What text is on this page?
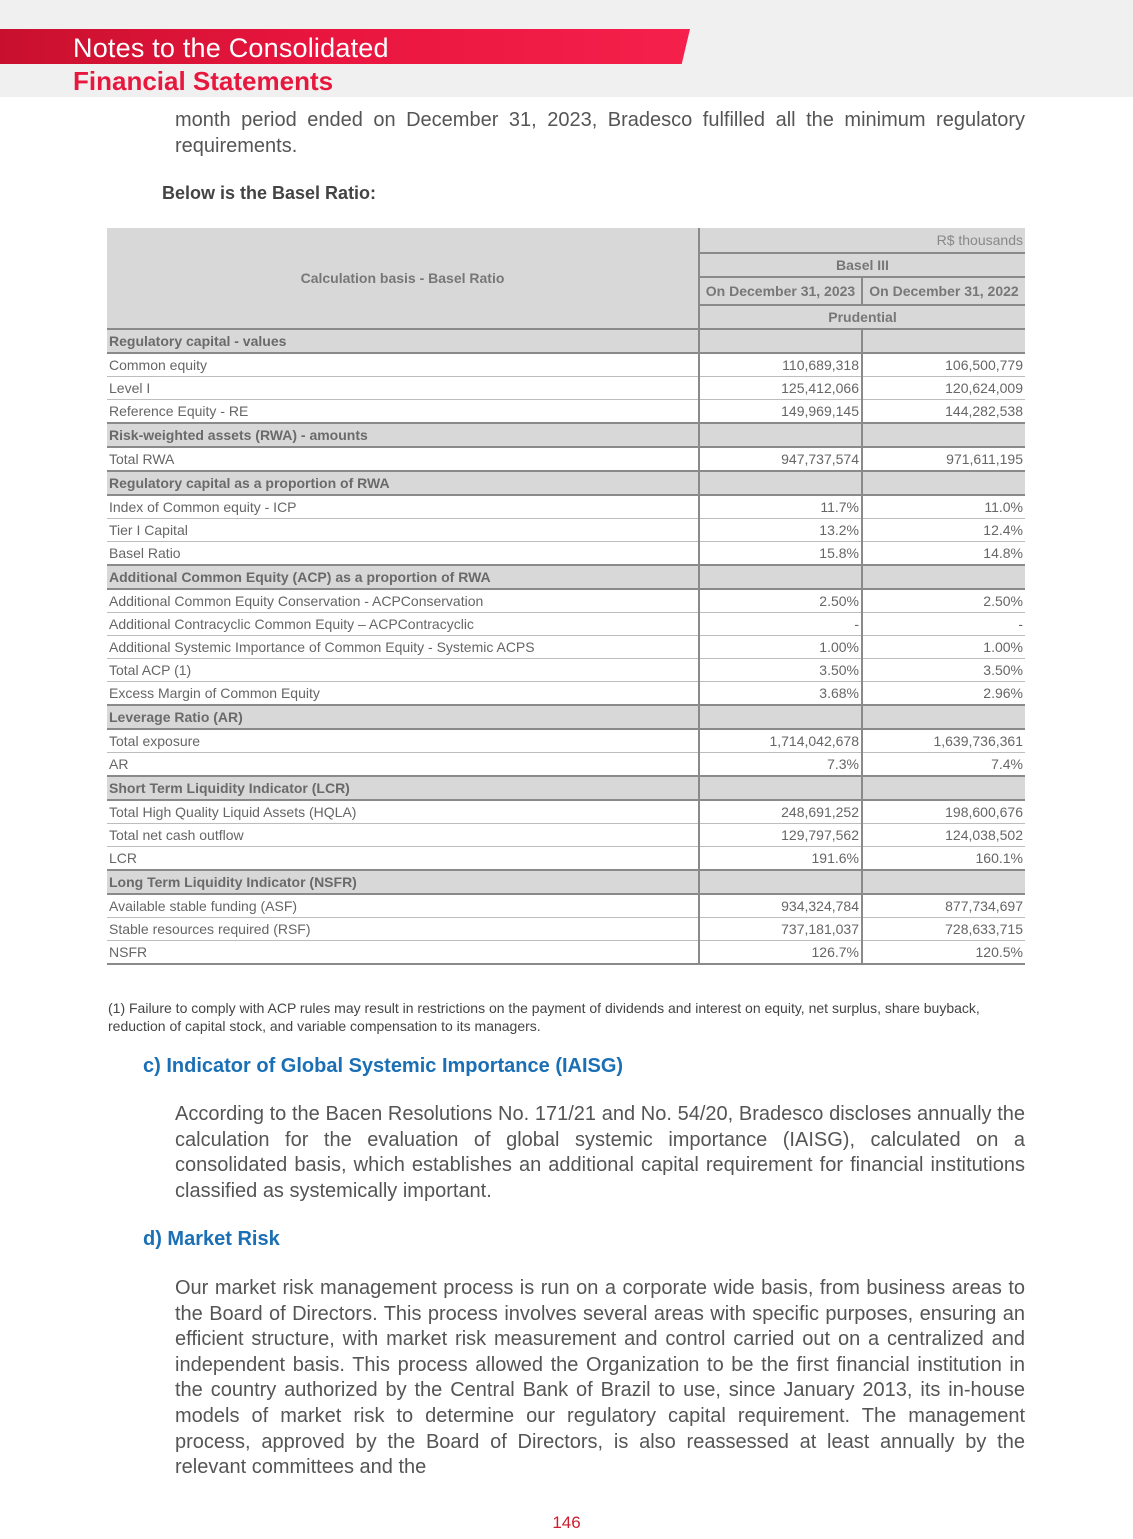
Notes to the Consolidated
Financial Statements

month period ended on December 31, 2023, Bradesco fulfilled all the minimum regulatory requirements.

Below is the Basel Ratio:
Calculation basis - Basel Ratio	R$ thousands	
	Basel III	
	On December 31, 2023	On December 31, 2022
	Prudential	
Regulatory capital - values		
Common equity	110,689,318	106,500,779
Level I	125,412,066	120,624,009
Reference Equity - RE	149,969,145	144,282,538
Risk-weighted assets (RWA) - amounts		
Total RWA	947,737,574	971,611,195
Regulatory capital as a proportion of RWA		
Index of Common equity - ICP	11.7%	11.0%
Tier I Capital	13.2%	12.4%
Basel Ratio	15.8%	14.8%
Additional Common Equity (ACP) as a proportion of RWA		
Additional Common Equity Conservation - ACPConservation	2.50%	2.50%
Additional Contracyclic Common Equity – ACPContracyclic	-	-
Additional Systemic Importance of Common Equity - Systemic ACPS	1.00%	1.00%
Total ACP (1)	3.50%	3.50%
Excess Margin of Common Equity	3.68%	2.96%
Leverage Ratio (AR)		
Total exposure	1,714,042,678	1,639,736,361
AR	7.3%	7.4%
Short Term Liquidity Indicator (LCR)		
Total High Quality Liquid Assets (HQLA)	248,691,252	198,600,676
Total net cash outflow	129,797,562	124,038,502
LCR	191.6%	160.1%
Long Term Liquidity Indicator (NSFR)		
Available stable funding (ASF)	934,324,784	877,734,697
Stable resources required (RSF)	737,181,037	728,633,715
NSFR	126.7%	120.5%

(1) Failure to comply with ACP rules may result in restrictions on the payment of dividends and interest on equity, net surplus, share buyback, reduction of capital stock, and variable compensation to its managers.

c) Indicator of Global Systemic Importance (IAISG)

According to the Bacen Resolutions No. 171/21 and No. 54/20, Bradesco discloses annually the calculation for the evaluation of global systemic importance (IAISG), calculated on a consolidated basis, which establishes an additional capital requirement for financial institutions classified as systemically important.

d) Market Risk

Our market risk management process is run on a corporate wide basis, from business areas to the Board of Directors. This process involves several areas with specific purposes, ensuring an efficient structure, with market risk measurement and control carried out on a centralized and independent basis. This process allowed the Organization to be the first financial institution in the country authorized by the Central Bank of Brazil to use, since January 2013, its in-house models of market risk to determine our regulatory capital requirement. The management process, approved by the Board of Directors, is also reassessed at least annually by the relevant committees and the

146
